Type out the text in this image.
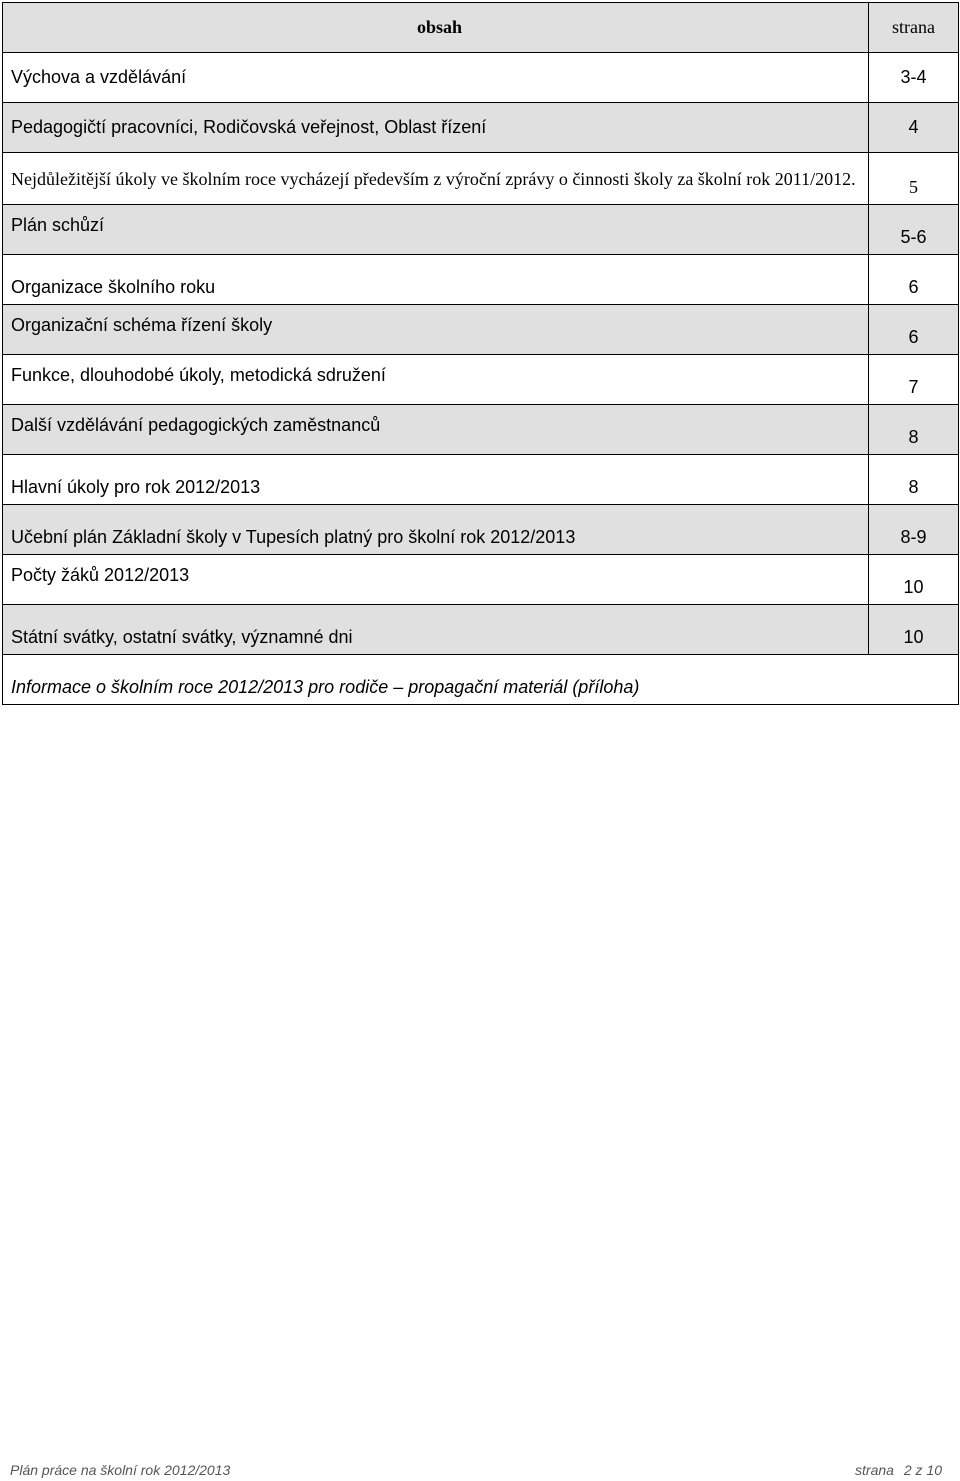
obsah	strana
Výchova a vzdělávání	3-4
Pedagogičtí pracovníci, Rodičovská veřejnost, Oblast řízení	4
Nejdůležitější úkoly ve školním roce vycházejí především z výroční zprávy o činnosti školy za školní rok 2011/2012.	5
Plán schůzí	5-6
Organizace školního roku	6
Organizační schéma řízení školy	6
Funkce, dlouhodobé úkoly, metodická sdružení	7
Další vzdělávání pedagogických zaměstnanců	8
Hlavní úkoly pro rok 2012/2013	8
Učební plán Základní školy v Tupesích platný pro školní rok 2012/2013	8-9
Počty žáků 2012/2013	10
Státní svátky, ostatní svátky, významné dni	10
Informace o školním roce 2012/2013 pro rodiče – propagační materiál (příloha)	
Plán práce na školní rok 2012/2013	strana 2 z 10
